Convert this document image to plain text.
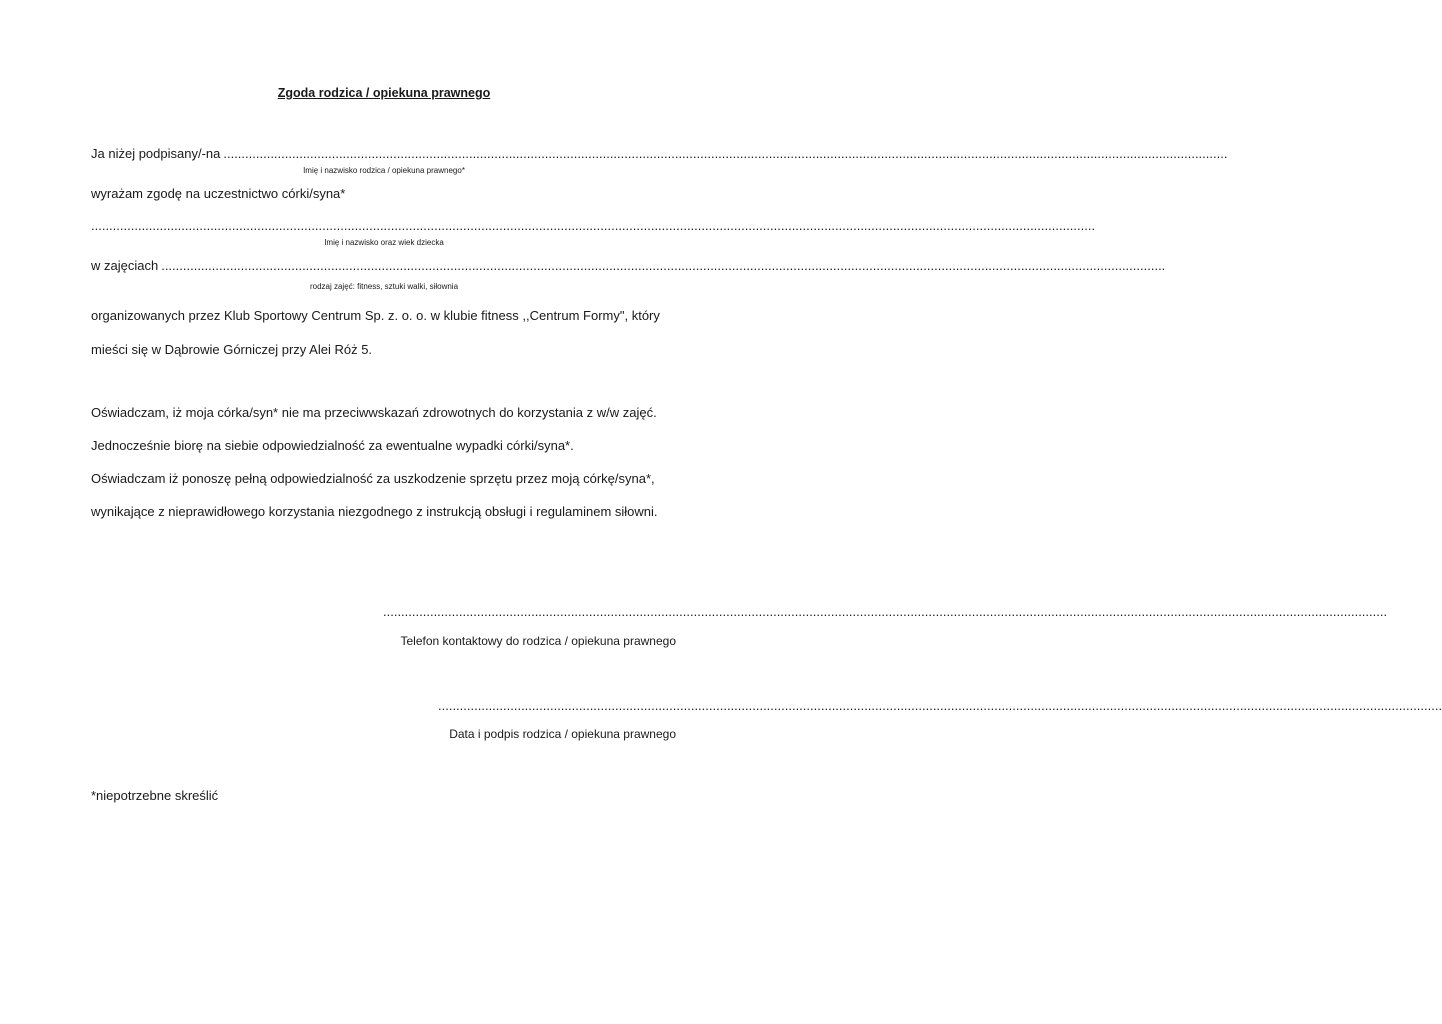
Zgoda rodzica / opiekuna prawnego
Ja niżej podpisany/-na ......................................................................................................................................................................................................................................................................................
Imię i nazwisko rodzica / opiekuna prawnego*
wyrażam zgodę na uczestnictwo córki/syna*
......................................................................................................................................................................................................................................................................................
Imię i nazwisko oraz wiek dziecka
w zajęciach ......................................................................................................................................................................................................................................................................................
rodzaj zajęć: fitness, sztuki walki, siłownia
organizowanych przez Klub Sportowy Centrum Sp. z. o. o. w klubie fitness ,,Centrum Formy", który
mieści się w Dąbrowie Górniczej przy Alei Róż 5.
Oświadczam, iż moja córka/syn* nie ma przeciwwskazań zdrowotnych do korzystania z w/w zajęć.
Jednocześnie biorę na siebie odpowiedzialność za ewentualne wypadki córki/syna*.
Oświadczam iż ponoszę pełną odpowiedzialność za uszkodzenie sprzętu przez moją córkę/syna*,
wynikające z nieprawidłowego korzystania niezgodnego z instrukcją obsługi i regulaminem siłowni.
......................................................................................................................................................................................................................................................................................
Telefon kontaktowy do rodzica / opiekuna prawnego
......................................................................................................................................................................................................................................................................................
Data i podpis rodzica / opiekuna prawnego
*niepotrzebne skreślić
